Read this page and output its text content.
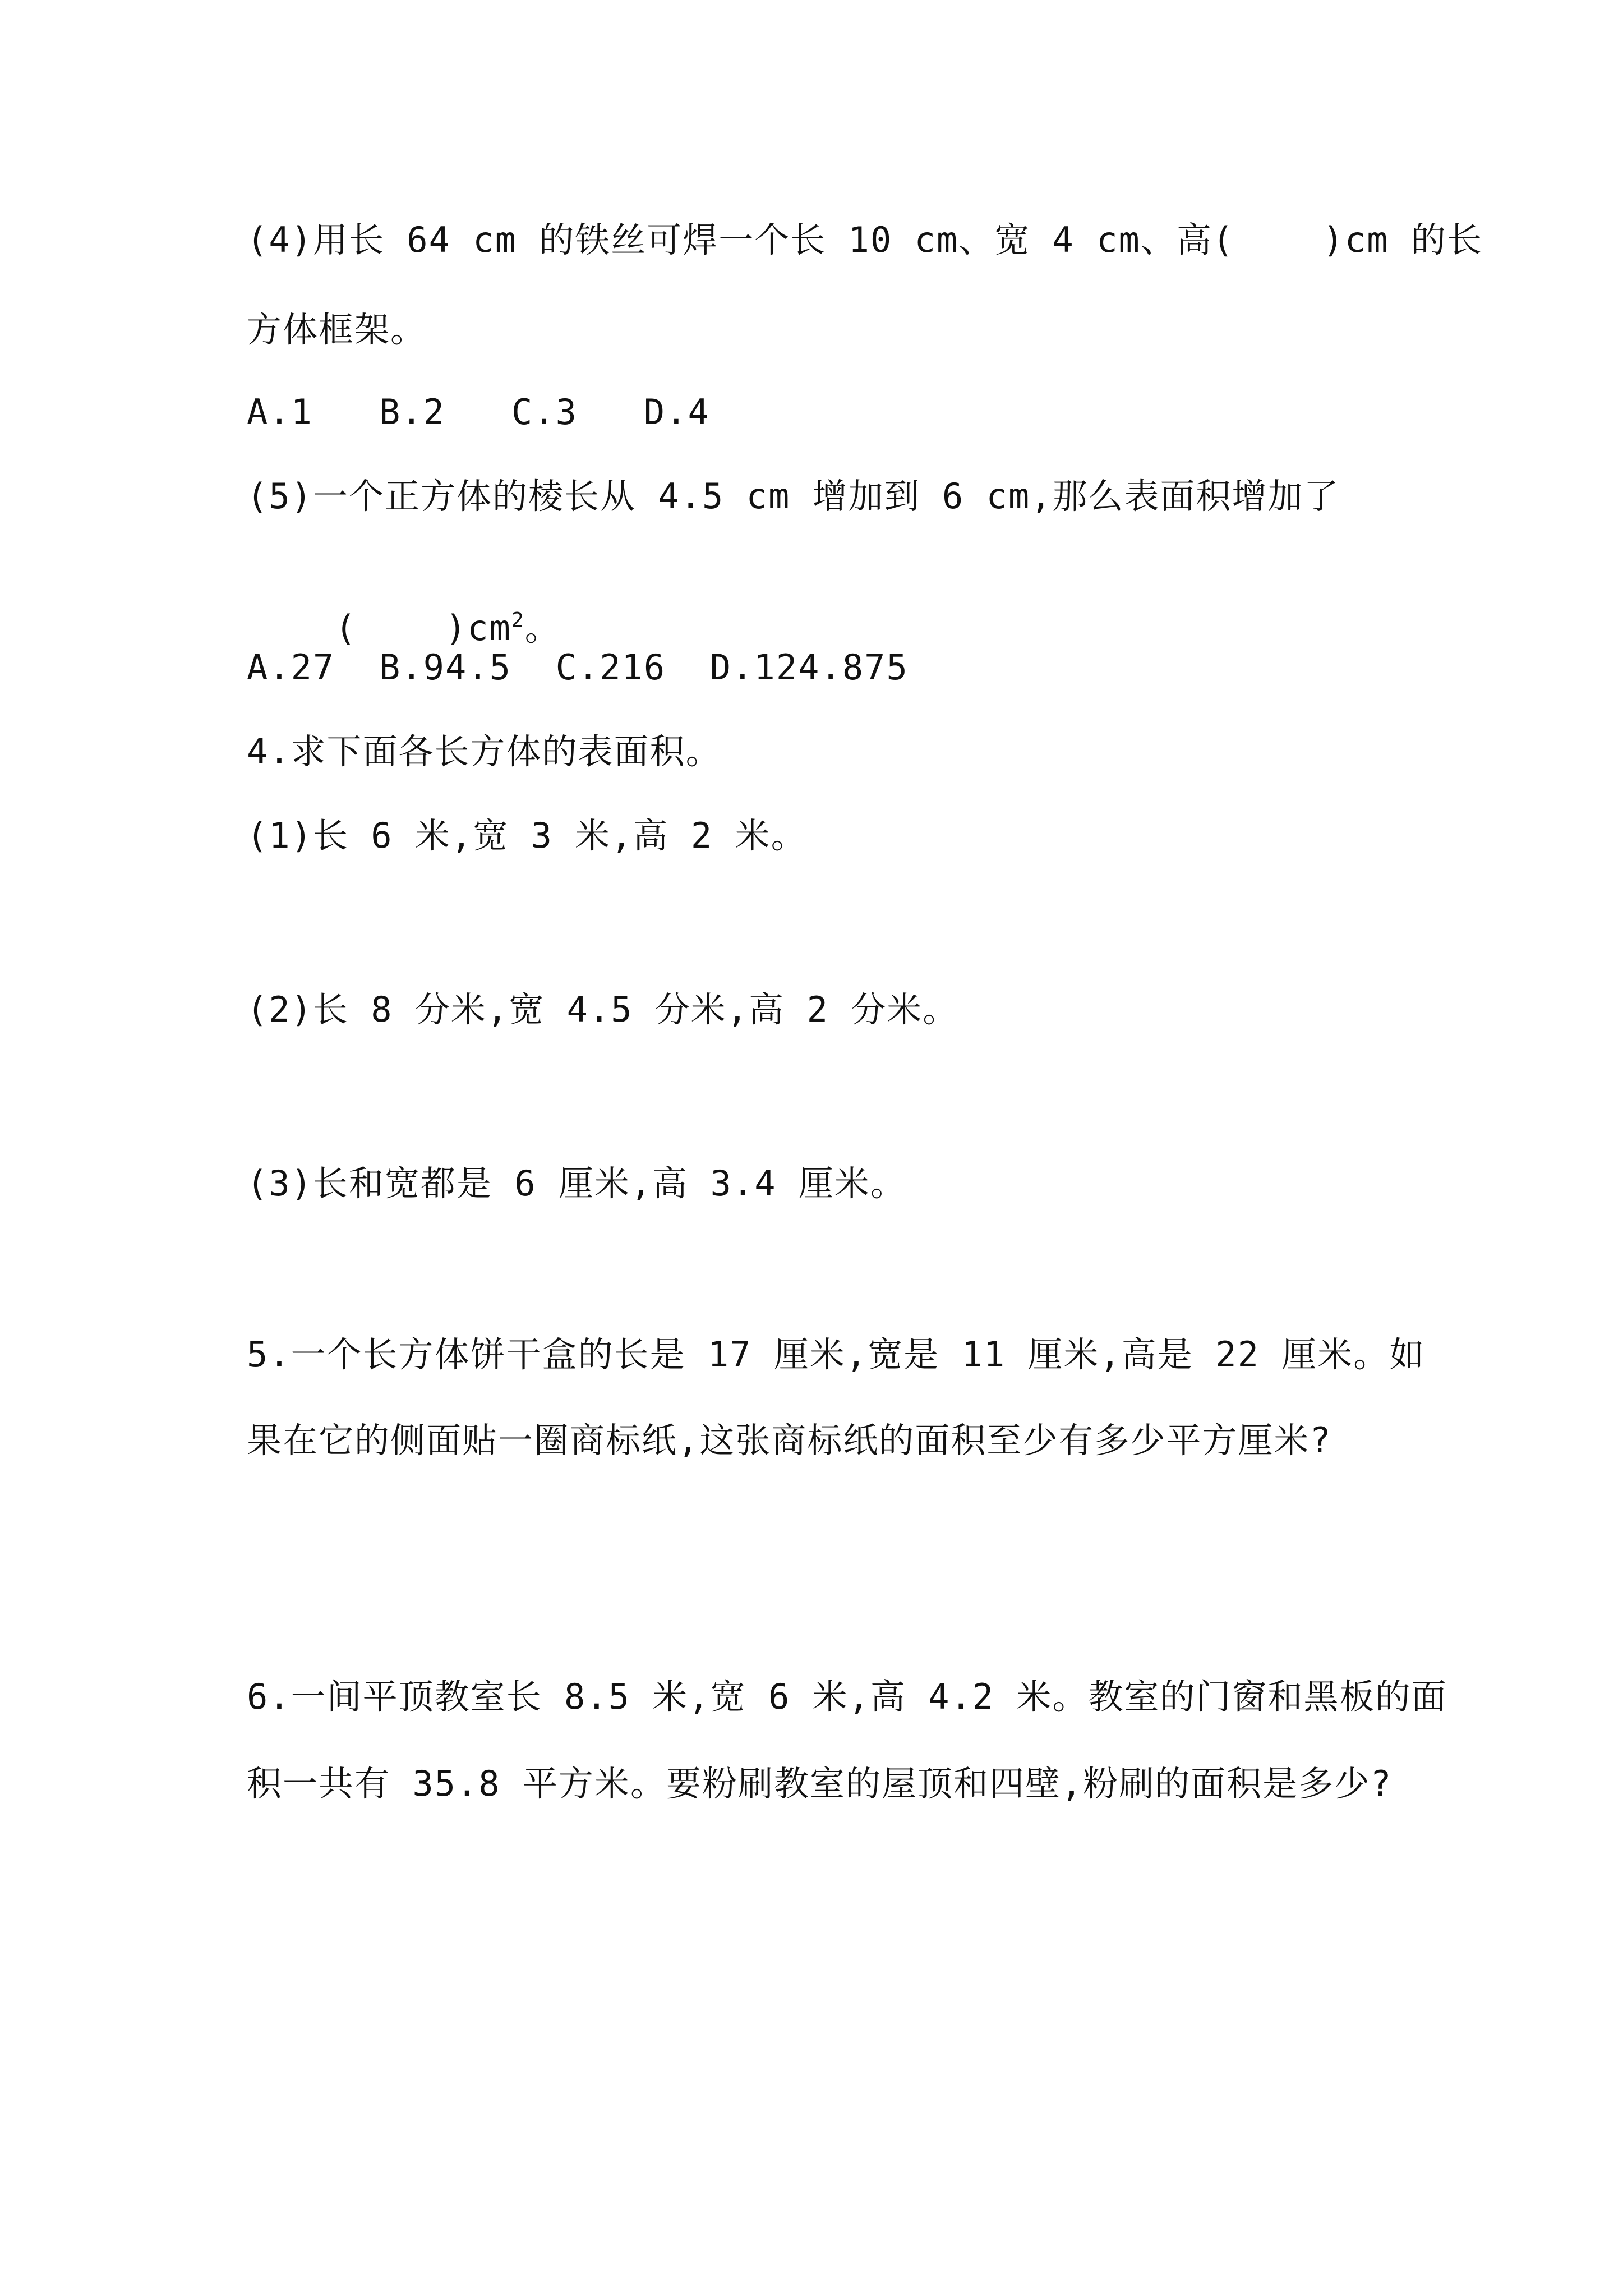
(4)用长 64 cm 的铁丝可焊一个长 10 cm、宽 4 cm、高(    )cm 的长
方体框架。
A.1   B.2   C.3   D.4
(5)一个正方体的棱长从 4.5 cm 增加到 6 cm,那么表面积增加了

(    )$cm^2$。

A.27  B.94.5  C.216  D.124.875
4.求下面各长方体的表面积。
(1)长 6 米,宽 3 米,高 2 米。
(2)长 8 分米,宽 4.5 分米,高 2 分米。
(3)长和宽都是 6 厘米,高 3.4 厘米。
5.一个长方体饼干盒的长是 17 厘米,宽是 11 厘米,高是 22 厘米。如
果在它的侧面贴一圈商标纸,这张商标纸的面积至少有多少平方厘米?
6.一间平顶教室长 8.5 米,宽 6 米,高 4.2 米。教室的门窗和黑板的面
积一共有 35.8 平方米。要粉刷教室的屋顶和四壁,粉刷的面积是多少?
